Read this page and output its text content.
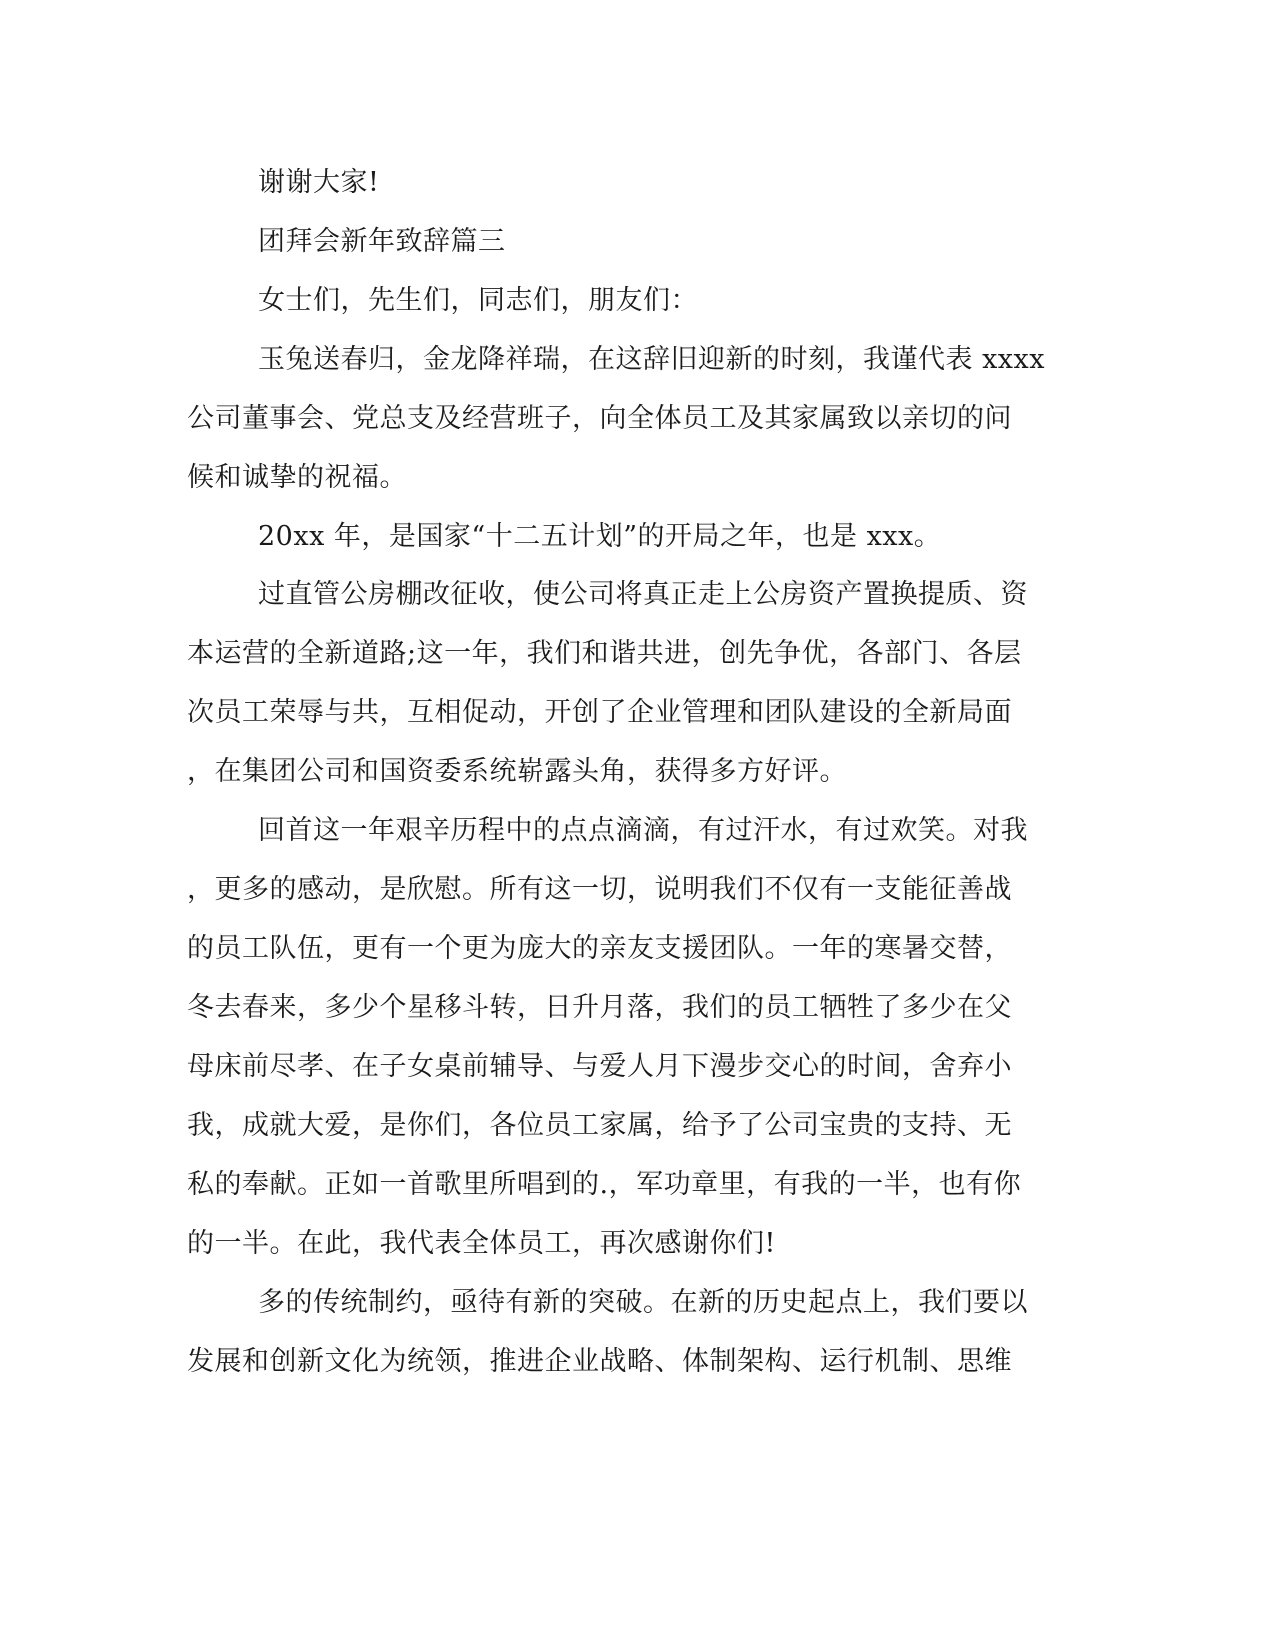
谢谢大家!
团拜会新年致辞篇三
女士们，先生们，同志们，朋友们：
玉兔送春归，金龙降祥瑞，在这辞旧迎新的时刻，我谨代表 xxxx
公司董事会、党总支及经营班子，向全体员工及其家属致以亲切的问
候和诚挚的祝福。
20xx 年，是国家“十二五计划”的开局之年，也是 xxx。
过直管公房棚改征收，使公司将真正走上公房资产置换提质、资
本运营的全新道路;这一年，我们和谐共进，创先争优，各部门、各层
次员工荣辱与共，互相促动，开创了企业管理和团队建设的全新局面
，在集团公司和国资委系统崭露头角，获得多方好评。
回首这一年艰辛历程中的点点滴滴，有过汗水，有过欢笑。对我
，更多的感动，是欣慰。所有这一切，说明我们不仅有一支能征善战
的员工队伍，更有一个更为庞大的亲友支援团队。一年的寒暑交替，
冬去春来，多少个星移斗转，日升月落，我们的员工牺牲了多少在父
母床前尽孝、在子女桌前辅导、与爱人月下漫步交心的时间，舍弃小
我，成就大爱，是你们，各位员工家属，给予了公司宝贵的支持、无
私的奉献。正如一首歌里所唱到的.，军功章里，有我的一半，也有你
的一半。在此，我代表全体员工，再次感谢你们!
多的传统制约，亟待有新的突破。在新的历史起点上，我们要以
发展和创新文化为统领，推进企业战略、体制架构、运行机制、思维
